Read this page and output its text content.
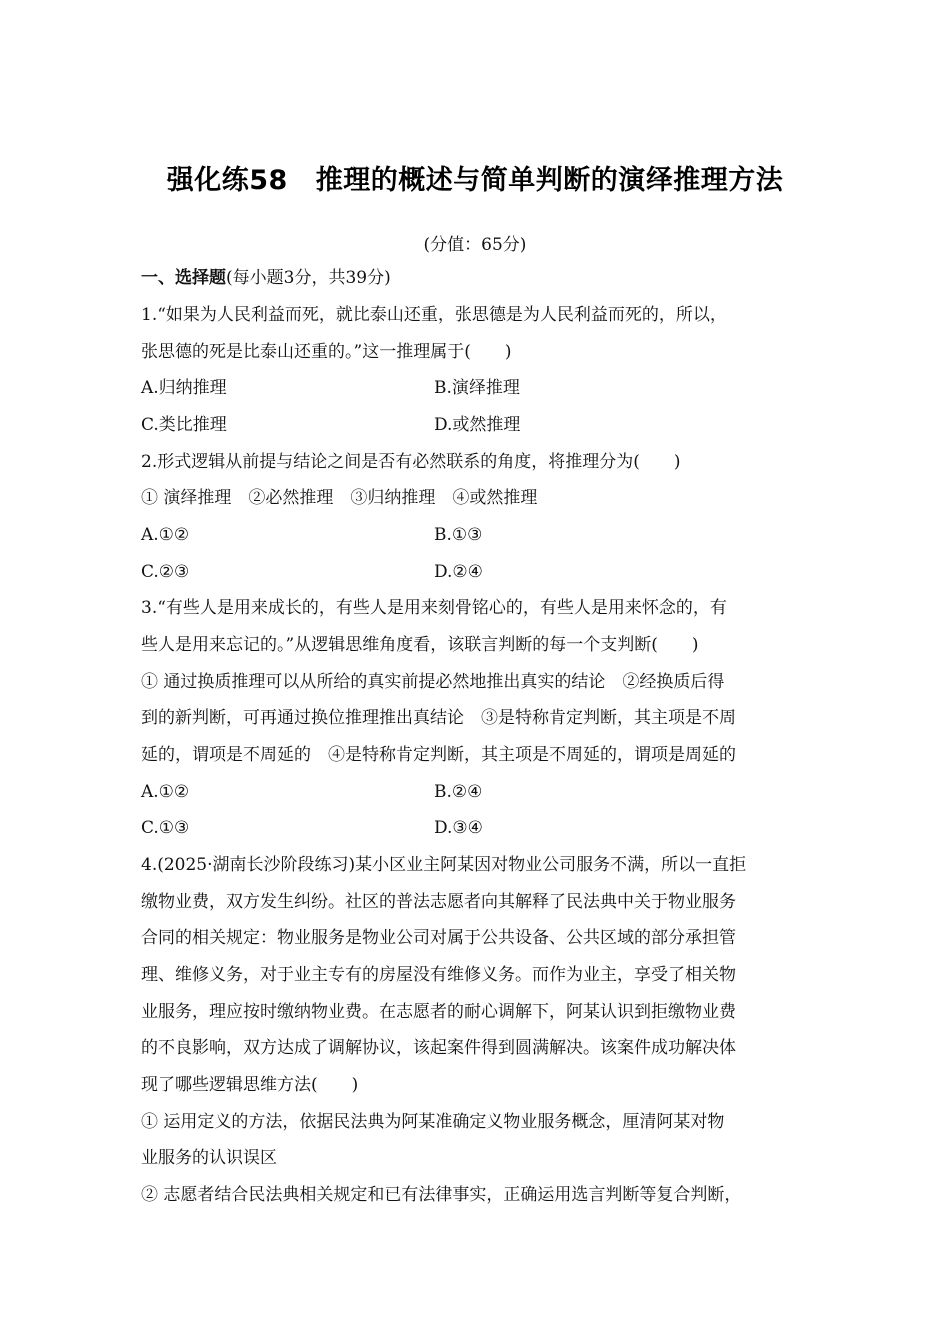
强化练58 推理的概述与简单判断的演绎推理方法
(分值：65分)
一、选择题(每小题3分，共39分)
1.“如果为人民利益而死，就比泰山还重，张思德是为人民利益而死的，所以，
张思德的死是比泰山还重的。”这一推理属于(　　)
A.归纳推理	B.演绎推理
C.类比推理	D.或然推理
2.形式逻辑从前提与结论之间是否有必然联系的角度，将推理分为(　　)
① 演绎推理　②必然推理　③归纳推理　④或然推理
A.①②	B.①③
C.②③	D.②④
3.“有些人是用来成长的，有些人是用来刻骨铭心的，有些人是用来怀念的，有
些人是用来忘记的。”从逻辑思维角度看，该联言判断的每一个支判断(　　)
① 通过换质推理可以从所给的真实前提必然地推出真实的结论　②经换质后得
到的新判断，可再通过换位推理推出真结论　③是特称肯定判断，其主项是不周
延的，谓项是不周延的　④是特称肯定判断，其主项是不周延的，谓项是周延的
A.①②	B.②④
C.①③	D.③④
4.(2025·湖南长沙阶段练习)某小区业主阿某因对物业公司服务不满，所以一直拒
缴物业费，双方发生纠纷。社区的普法志愿者向其解释了民法典中关于物业服务
合同的相关规定：物业服务是物业公司对属于公共设备、公共区域的部分承担管
理、维修义务，对于业主专有的房屋没有维修义务。而作为业主，享受了相关物
业服务，理应按时缴纳物业费。在志愿者的耐心调解下，阿某认识到拒缴物业费
的不良影响，双方达成了调解协议，该起案件得到圆满解决。该案件成功解决体
现了哪些逻辑思维方法(　　)
① 运用定义的方法，依据民法典为阿某准确定义物业服务概念，厘清阿某对物
业服务的认识误区
② 志愿者结合民法典相关规定和已有法律事实，正确运用选言判断等复合判断，
